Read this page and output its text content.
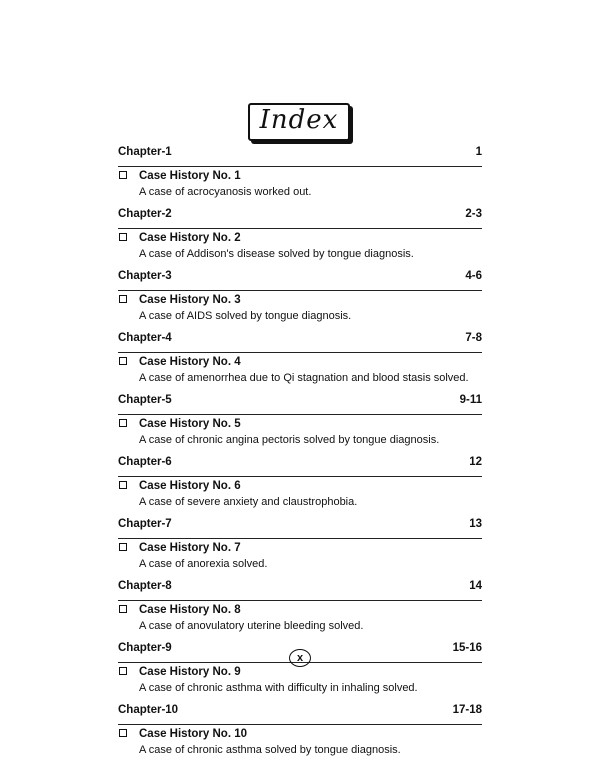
Index
Chapter-1	1
Case History No. 1
A case of acrocyanosis worked out.
Chapter-2	2-3
Case History No. 2
A case of Addison's disease solved by tongue diagnosis.
Chapter-3	4-6
Case History No. 3
A case of AIDS solved by tongue diagnosis.
Chapter-4	7-8
Case History No. 4
A case of amenorrhea due to Qi stagnation and blood stasis solved.
Chapter-5	9-11
Case History No. 5
A case of chronic angina pectoris solved by tongue diagnosis.
Chapter-6	12
Case History No. 6
A case of severe anxiety and claustrophobia.
Chapter-7	13
Case History No. 7
A case of anorexia solved.
Chapter-8	14
Case History No. 8
A case of anovulatory uterine bleeding solved.
Chapter-9	15-16
Case History No. 9
A case of chronic asthma with difficulty in inhaling solved.
Chapter-10	17-18
Case History No. 10
A case of chronic asthma solved by tongue diagnosis.
x
